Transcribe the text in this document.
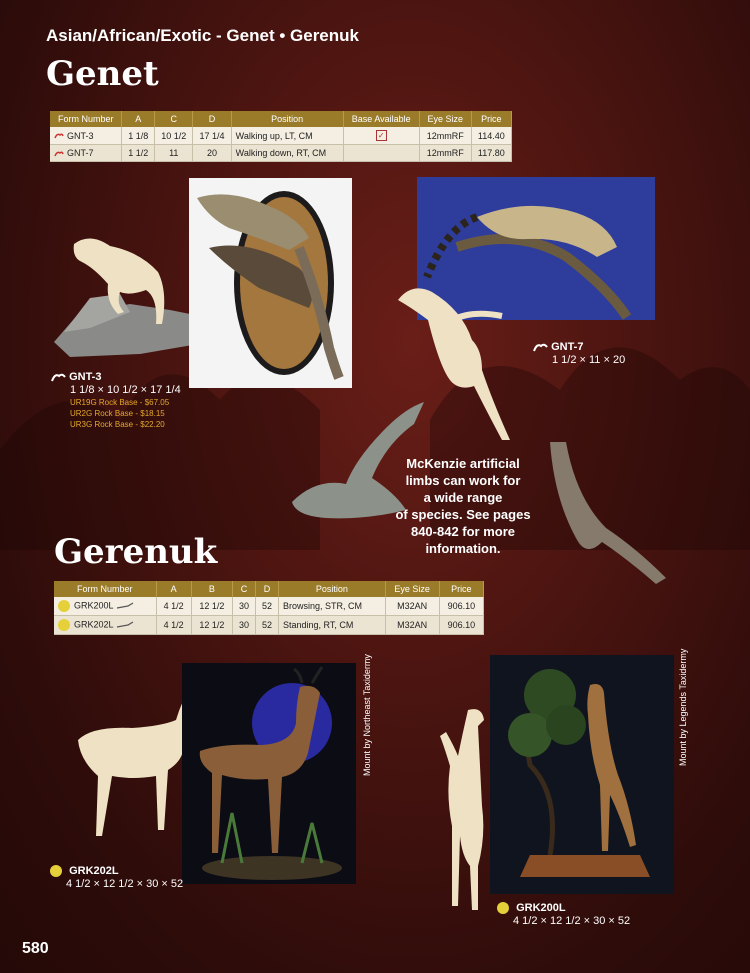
Asian/African/Exotic - Genet • Gerenuk
Genet
Form Number	A	C	D	Position	Base Available	Eye Size	Price
GNT-3	1 1/8	10 1/2	17 1/4	Walking up, LT, CM	✓	12mmRF	114.40
GNT-7	1 1/2	11	20	Walking down, RT, CM		12mmRF	117.80
GNT-3
1 1/8 × 10 1/2 × 17 1/4
UR19G Rock Base - $67.05
UR2G Rock Base - $18.15
UR3G Rock Base - $22.20
GNT-7
1 1/2 × 11 × 20
McKenzie artificial
limbs can work for
a wide range
of species. See pages
840-842 for more
information.
Gerenuk
Form Number	A	B	C	D	Position	Eye Size	Price
GRK200L	4 1/2	12 1/2	30	52	Browsing, STR, CM	M32AN	906.10
GRK202L	4 1/2	12 1/2	30	52	Standing, RT, CM	M32AN	906.10
Mount by Northeast Taxidermy
GRK202L
4 1/2 × 12 1/2 × 30 × 52
Mount by Legends Taxidermy
GRK200L
4 1/2 × 12 1/2 × 30 × 52
580
